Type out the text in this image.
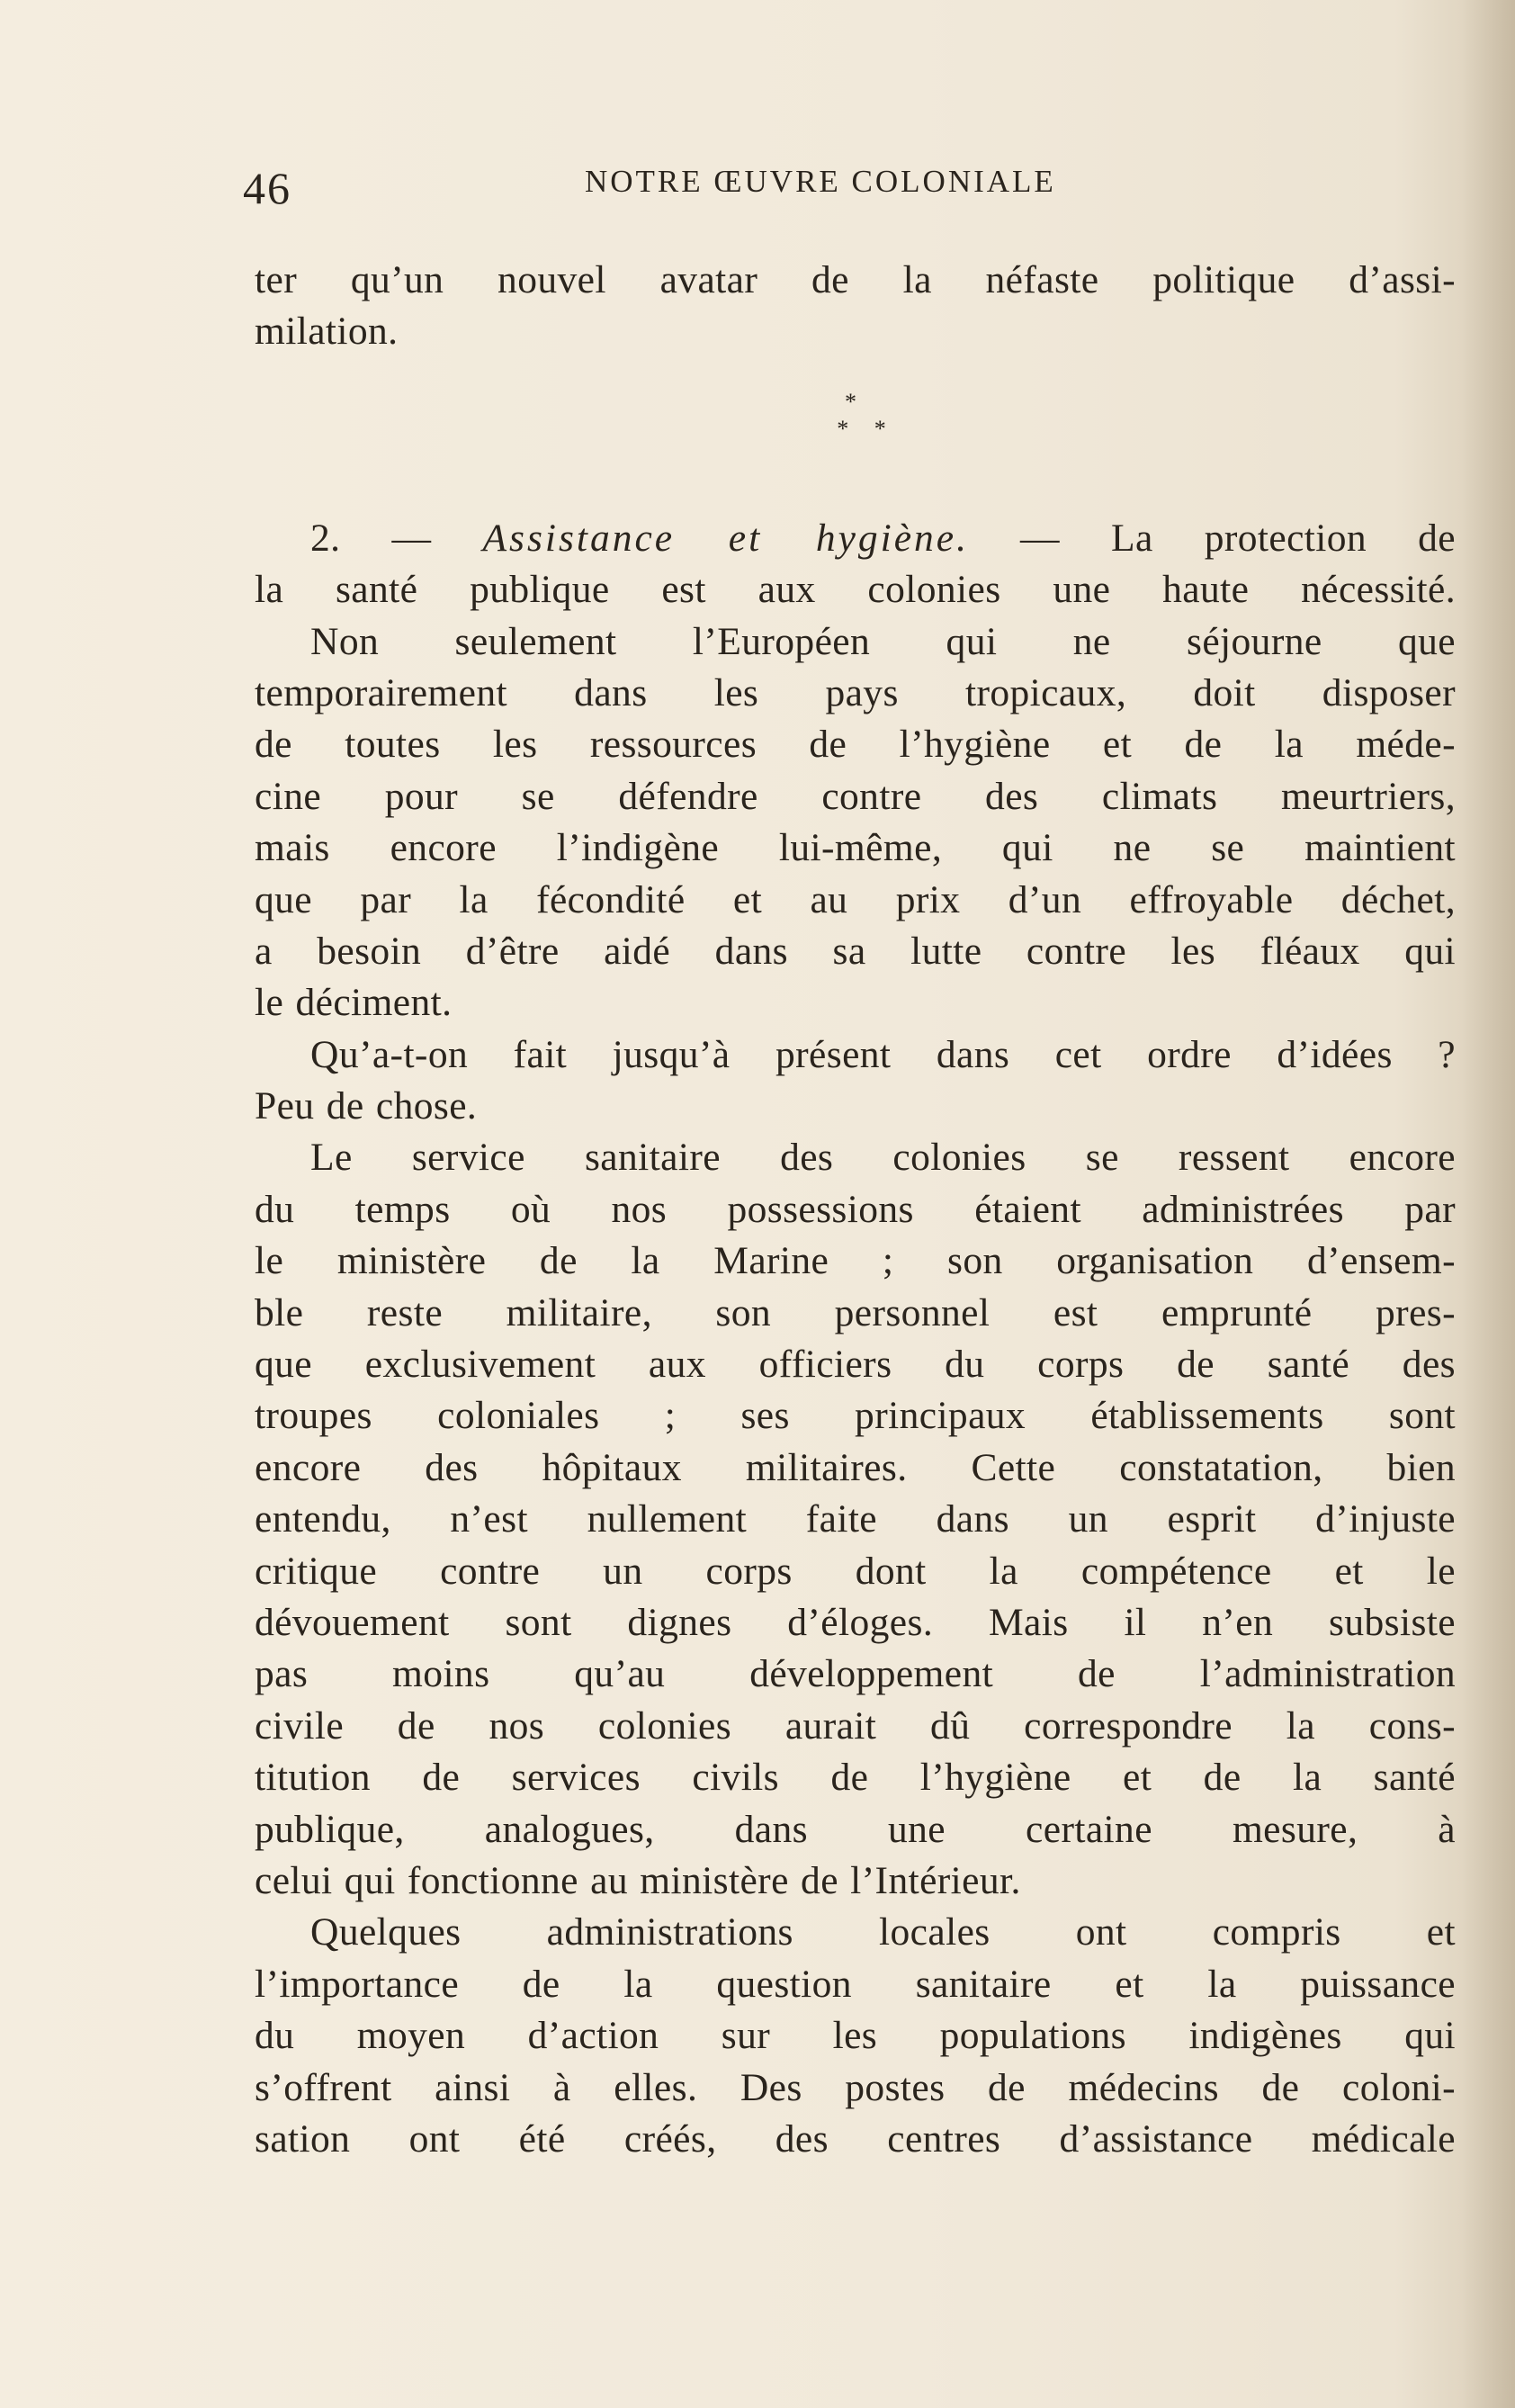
46	NOTRE ŒUVRE COLONIALE
ter qu’un nouvel avatar de la néfaste politique d’assi-
milation.
*
* *
2. — Assistance et hygiène. — La protection de
la santé publique est aux colonies une haute nécessité.
Non seulement l’Européen qui ne séjourne que
temporairement dans les pays tropicaux, doit disposer
de toutes les ressources de l’hygiène et de la méde-
cine pour se défendre contre des climats meurtriers,
mais encore l’indigène lui-même, qui ne se maintient
que par la fécondité et au prix d’un effroyable déchet,
a besoin d’être aidé dans sa lutte contre les fléaux qui
le déciment.
Qu’a-t-on fait jusqu’à présent dans cet ordre d’idées ?
Peu de chose.
Le service sanitaire des colonies se ressent encore
du temps où nos possessions étaient administrées par
le ministère de la Marine ; son organisation d’ensem-
ble reste militaire, son personnel est emprunté pres-
que exclusivement aux officiers du corps de santé des
troupes coloniales ; ses principaux établissements sont
encore des hôpitaux militaires. Cette constatation, bien
entendu, n’est nullement faite dans un esprit d’injuste
critique contre un corps dont la compétence et le
dévouement sont dignes d’éloges. Mais il n’en subsiste
pas moins qu’au développement de l’administration
civile de nos colonies aurait dû correspondre la cons-
titution de services civils de l’hygiène et de la santé
publique, analogues, dans une certaine mesure, à
celui qui fonctionne au ministère de l’Intérieur.
Quelques administrations locales ont compris et
l’importance de la question sanitaire et la puissance
du moyen d’action sur les populations indigènes qui
s’offrent ainsi à elles. Des postes de médecins de coloni-
sation ont été créés, des centres d’assistance médicale
